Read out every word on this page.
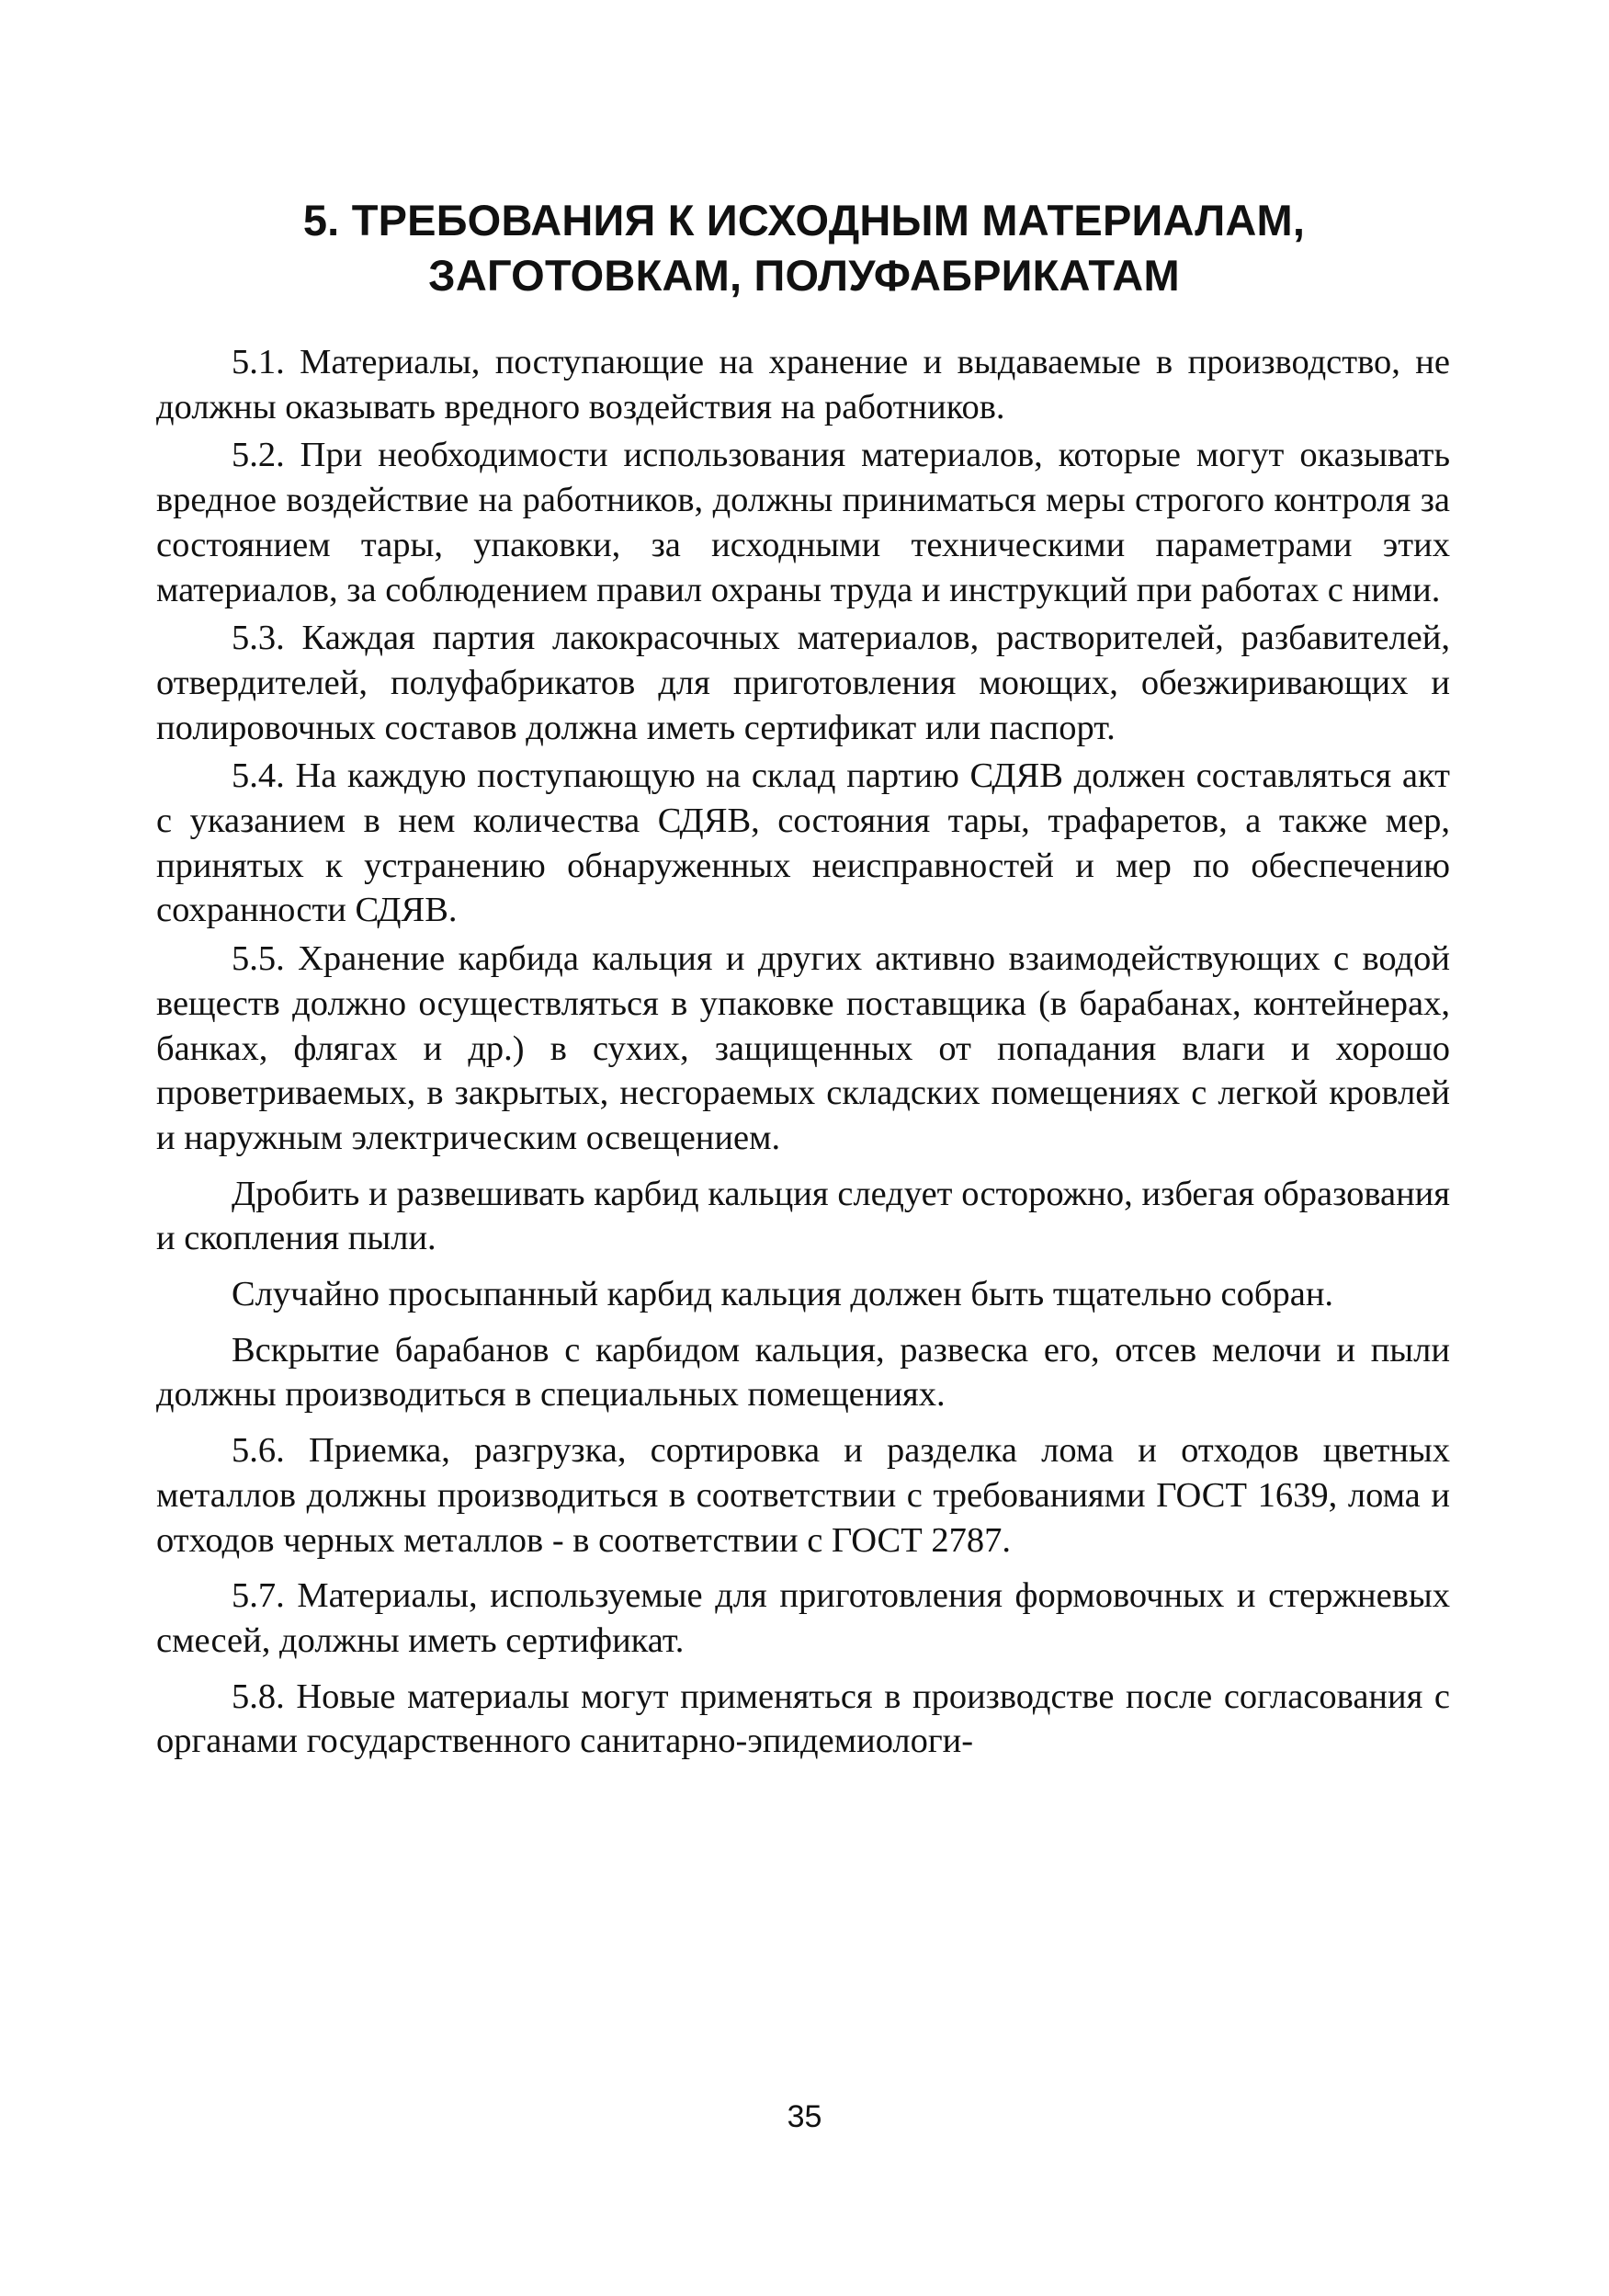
5. ТРЕБОВАНИЯ К ИСХОДНЫМ МАТЕРИАЛАМ,
ЗАГОТОВКАМ, ПОЛУФАБРИКАТАМ

5.1. Материалы, поступающие на хранение и выдаваемые в производство, не должны оказывать вредного воздействия на работников.

5.2. При необходимости использования материалов, которые могут оказывать вредное воздействие на работников, должны приниматься меры строгого контроля за состоянием тары, упаковки, за исходными техническими параметрами этих материалов, за соблюдением правил охраны труда и инструкций при работах с ними.

5.3. Каждая партия лакокрасочных материалов, растворителей, разбавителей, отвердителей, полуфабрикатов для приготовления моющих, обезжиривающих и полировочных составов должна иметь сертификат или паспорт.

5.4. На каждую поступающую на склад партию СДЯВ должен составляться акт с указанием в нем количества СДЯВ, состояния тары, трафаретов, а также мер, принятых к устранению обнаруженных неисправностей и мер по обеспечению сохранности СДЯВ.

5.5. Хранение карбида кальция и других активно взаимодействующих с водой веществ должно осуществляться в упаковке поставщика (в барабанах, контейнерах, банках, флягах и др.) в сухих, защищенных от попадания влаги и хорошо проветриваемых, в закрытых, несгораемых складских помещениях с легкой кровлей и наружным электрическим освещением.

Дробить и развешивать карбид кальция следует осторожно, избегая образования и скопления пыли.

Случайно просыпанный карбид кальция должен быть тщательно собран.

Вскрытие барабанов с карбидом кальция, развеска его, отсев мелочи и пыли должны производиться в специальных помещениях.

5.6. Приемка, разгрузка, сортировка и разделка лома и отходов цветных металлов должны производиться в соответствии с требованиями ГОСТ 1639, лома и отходов черных металлов - в соответствии с ГОСТ 2787.

5.7. Материалы, используемые для приготовления формовочных и стержневых смесей, должны иметь сертификат.

5.8. Новые материалы могут применяться в производстве после согласования с органами государственного санитарно-эпидемиологи-

35
